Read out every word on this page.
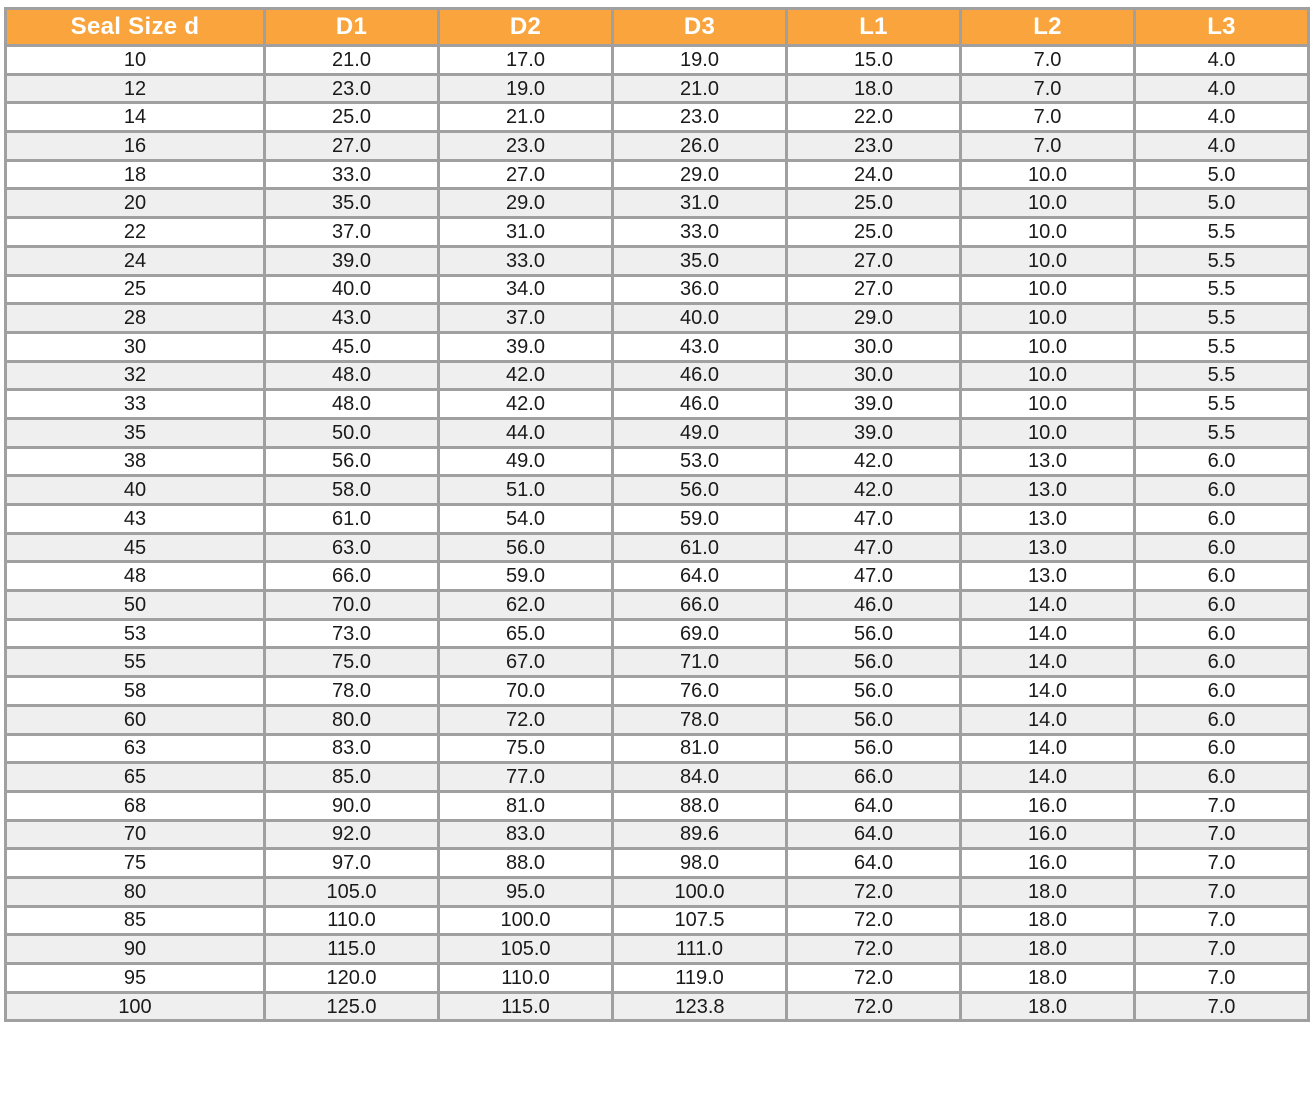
Seal Size d	D1	D2	D3	L1	L2	L3
10	21.0	17.0	19.0	15.0	7.0	4.0
12	23.0	19.0	21.0	18.0	7.0	4.0
14	25.0	21.0	23.0	22.0	7.0	4.0
16	27.0	23.0	26.0	23.0	7.0	4.0
18	33.0	27.0	29.0	24.0	10.0	5.0
20	35.0	29.0	31.0	25.0	10.0	5.0
22	37.0	31.0	33.0	25.0	10.0	5.5
24	39.0	33.0	35.0	27.0	10.0	5.5
25	40.0	34.0	36.0	27.0	10.0	5.5
28	43.0	37.0	40.0	29.0	10.0	5.5
30	45.0	39.0	43.0	30.0	10.0	5.5
32	48.0	42.0	46.0	30.0	10.0	5.5
33	48.0	42.0	46.0	39.0	10.0	5.5
35	50.0	44.0	49.0	39.0	10.0	5.5
38	56.0	49.0	53.0	42.0	13.0	6.0
40	58.0	51.0	56.0	42.0	13.0	6.0
43	61.0	54.0	59.0	47.0	13.0	6.0
45	63.0	56.0	61.0	47.0	13.0	6.0
48	66.0	59.0	64.0	47.0	13.0	6.0
50	70.0	62.0	66.0	46.0	14.0	6.0
53	73.0	65.0	69.0	56.0	14.0	6.0
55	75.0	67.0	71.0	56.0	14.0	6.0
58	78.0	70.0	76.0	56.0	14.0	6.0
60	80.0	72.0	78.0	56.0	14.0	6.0
63	83.0	75.0	81.0	56.0	14.0	6.0
65	85.0	77.0	84.0	66.0	14.0	6.0
68	90.0	81.0	88.0	64.0	16.0	7.0
70	92.0	83.0	89.6	64.0	16.0	7.0
75	97.0	88.0	98.0	64.0	16.0	7.0
80	105.0	95.0	100.0	72.0	18.0	7.0
85	110.0	100.0	107.5	72.0	18.0	7.0
90	115.0	105.0	111.0	72.0	18.0	7.0
95	120.0	110.0	119.0	72.0	18.0	7.0
100	125.0	115.0	123.8	72.0	18.0	7.0
